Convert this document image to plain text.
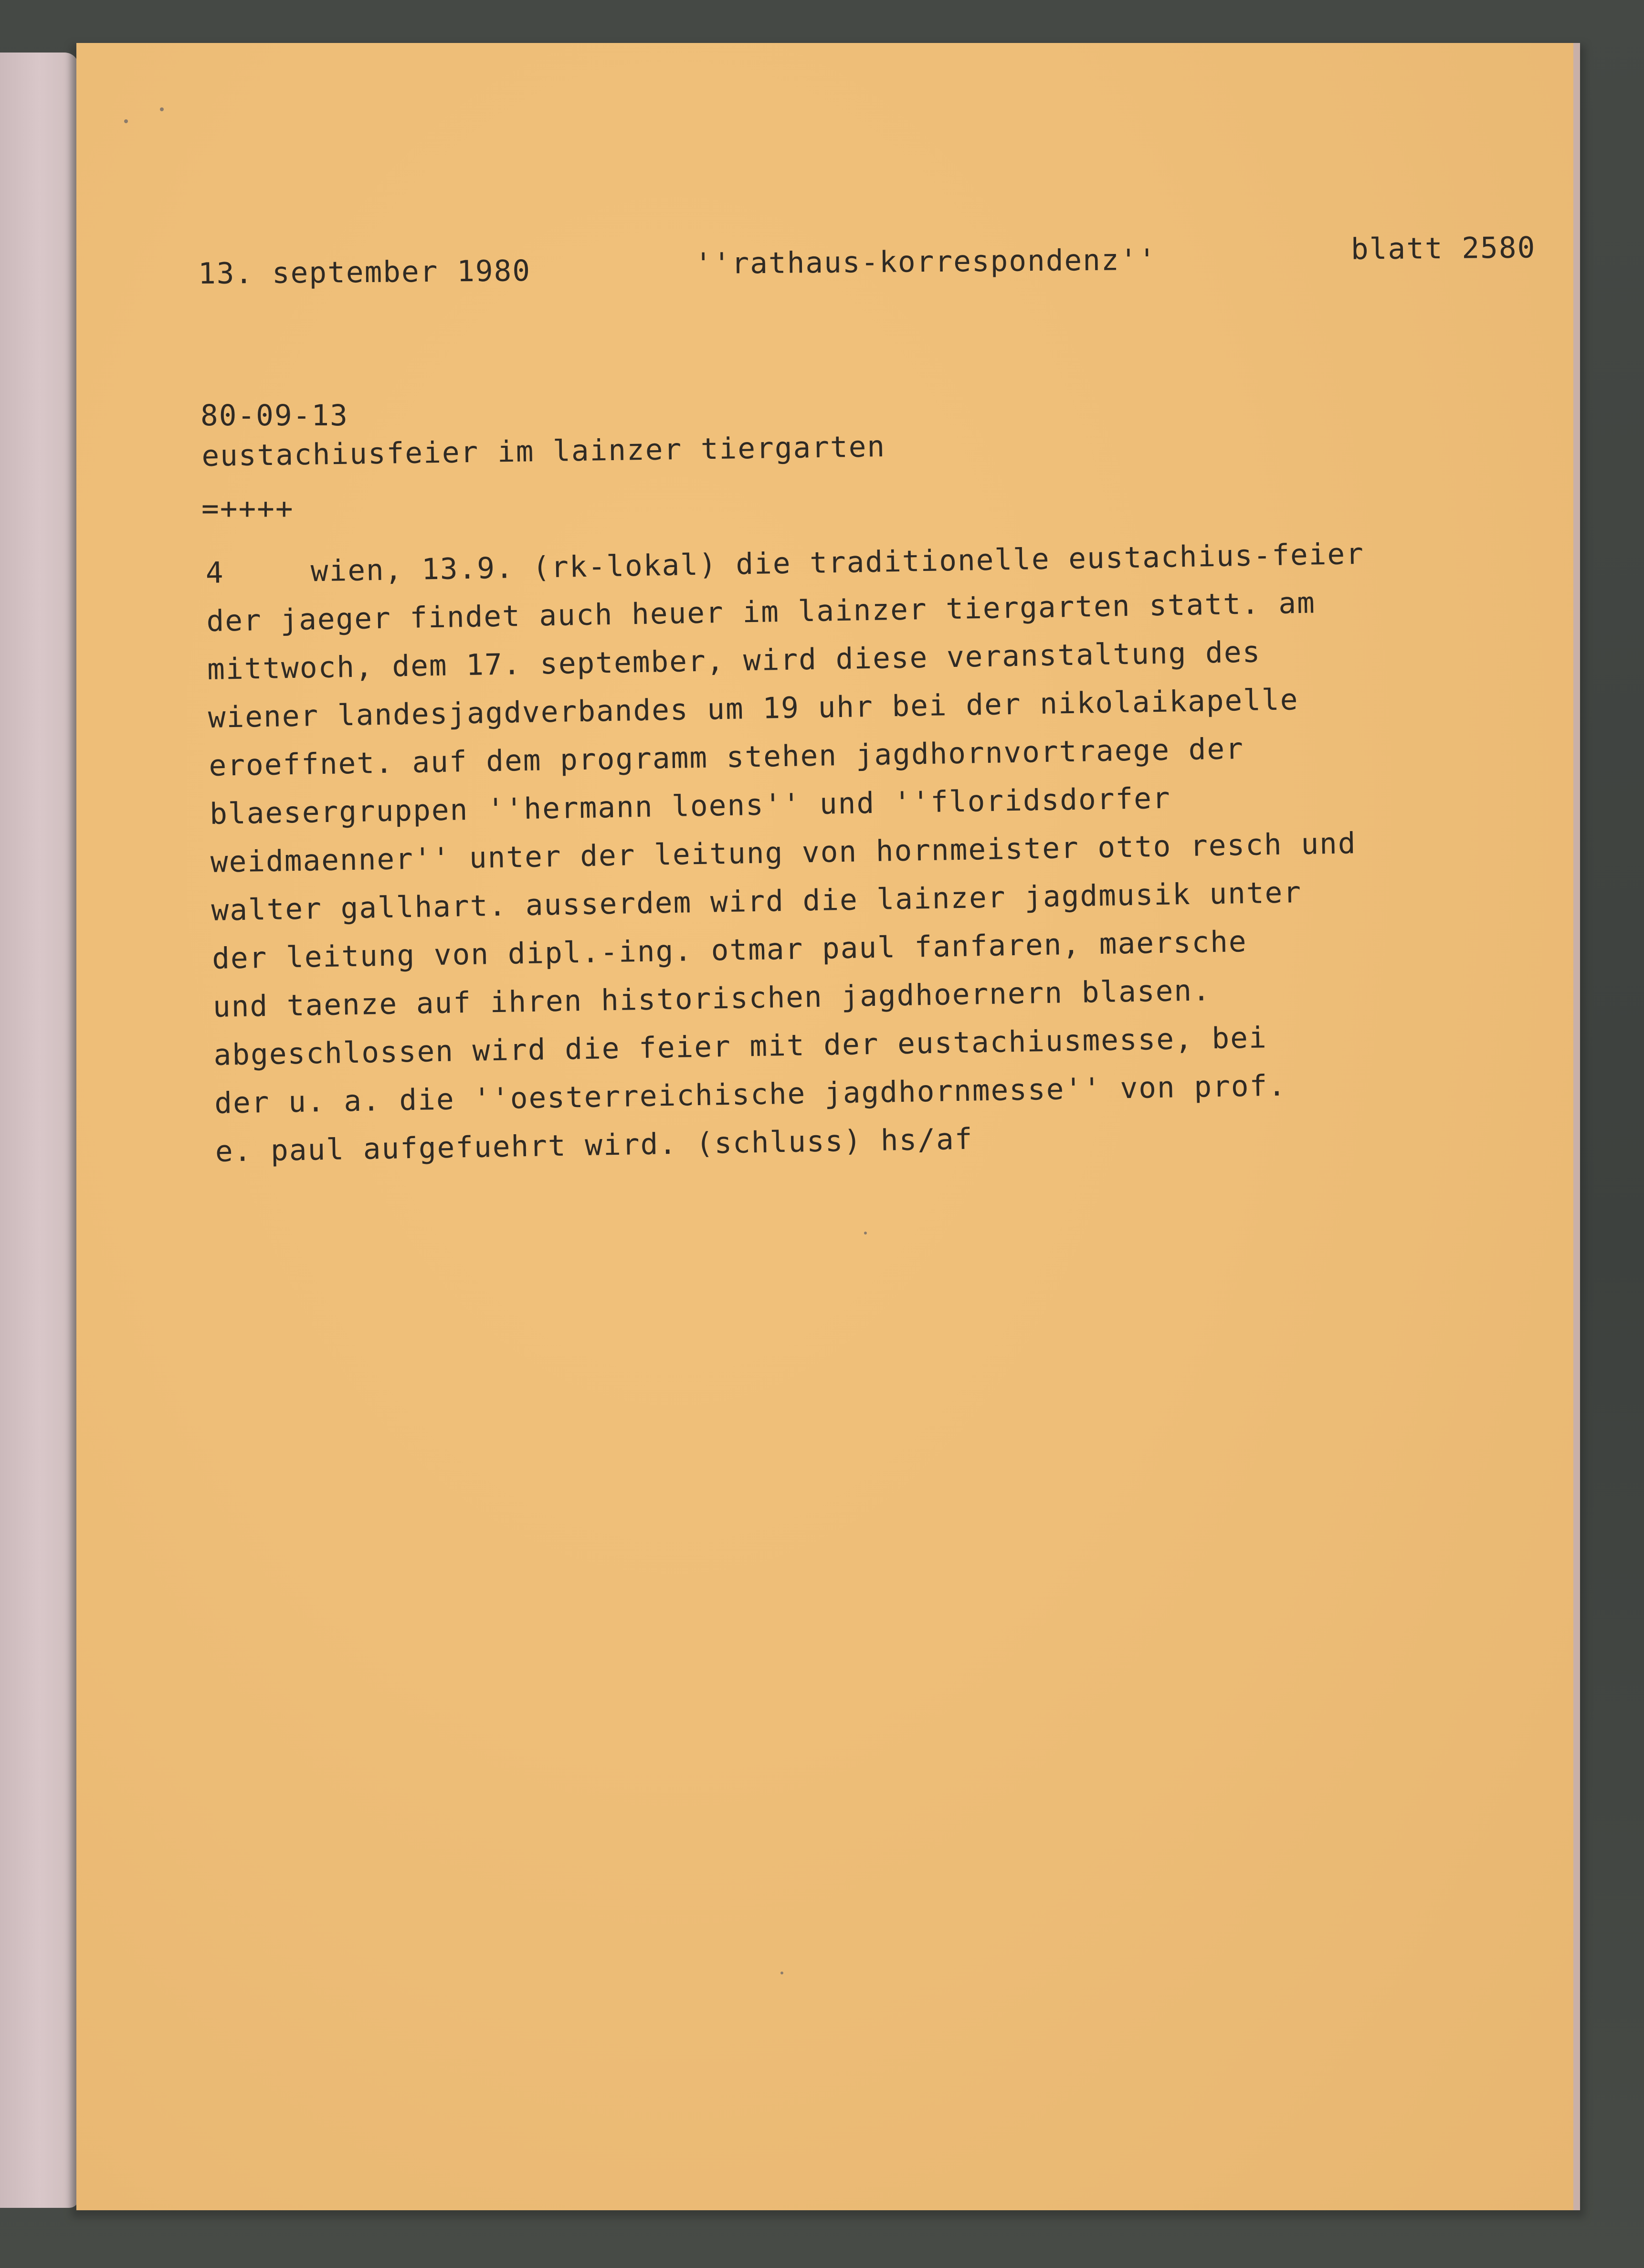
13. september 1980	''rathaus-korrespondenz''	blatt 2580
80-09-13
eustachiusfeier im lainzer tiergarten
=++++
4	wien, 13.9. (rk-lokal) die traditionelle eustachius-feier
der jaeger findet auch heuer im lainzer tiergarten statt. am
mittwoch, dem 17. september, wird diese veranstaltung des
wiener landesjagdverbandes um 19 uhr bei der nikolaikapelle
eroeffnet. auf dem programm stehen jagdhornvortraege der
blaesergruppen ''hermann loens'' und ''floridsdorfer
weidmaenner'' unter der leitung von hornmeister otto resch und
walter gallhart. ausserdem wird die lainzer jagdmusik unter
der leitung von dipl.-ing. otmar paul fanfaren, maersche
und taenze auf ihren historischen jagdhoernern blasen.
abgeschlossen wird die feier mit der eustachiusmesse, bei
der u. a. die ''oesterreichische jagdhornmesse'' von prof.
e. paul aufgefuehrt wird. (schluss) hs/af
